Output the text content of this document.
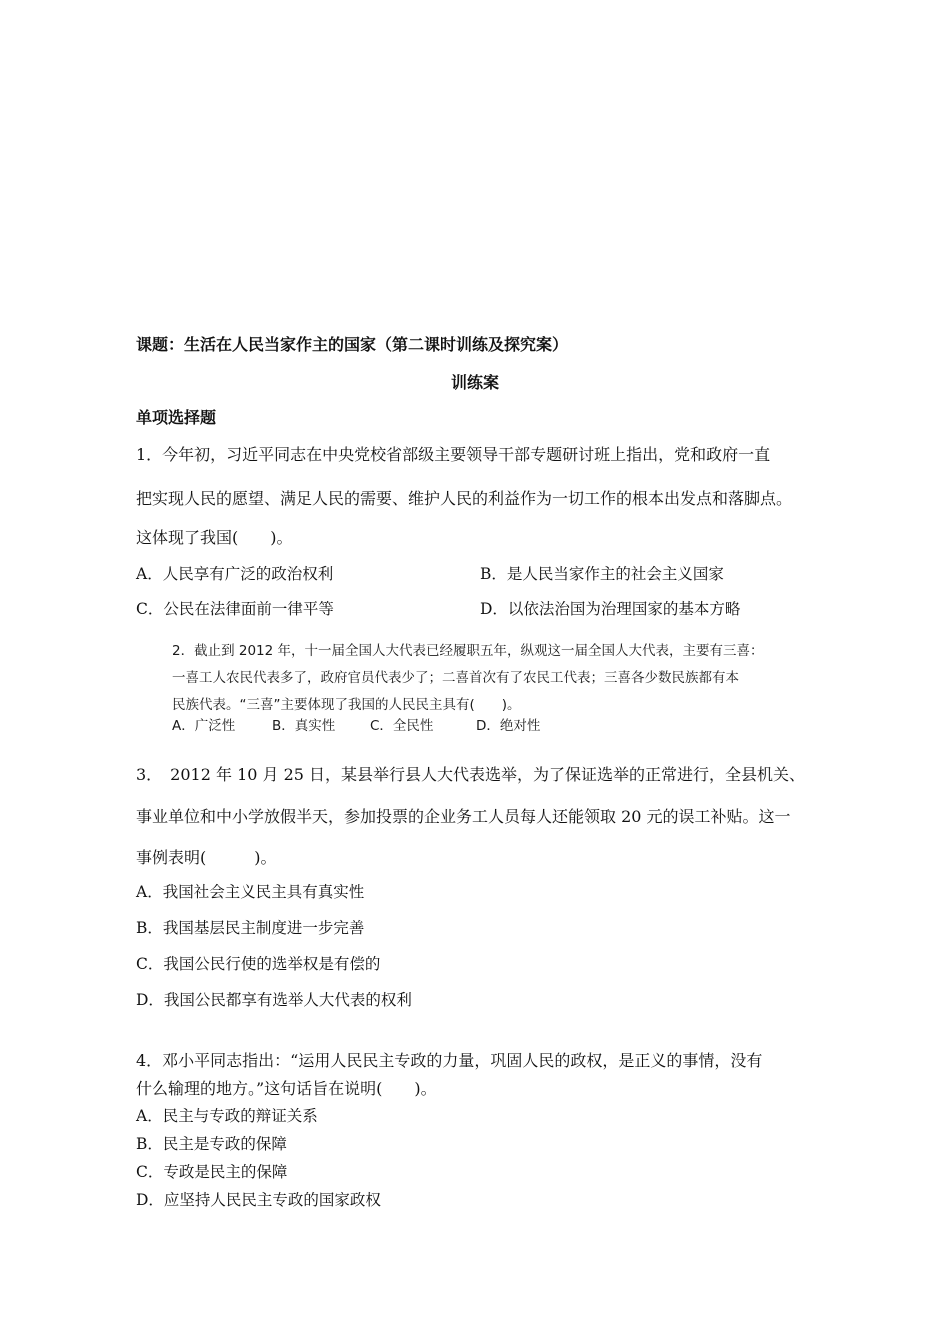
课题：生活在人民当家作主的国家（第二课时训练及探究案）
训练案
单项选择题
1．今年初，习近平同志在中央党校省部级主要领导干部专题研讨班上指出，党和政府一直
把实现人民的愿望、满足人民的需要、维护人民的利益作为一切工作的根本出发点和落脚点。
这体现了我国(　　)。
A．人民享有广泛的政治权利	B．是人民当家作主的社会主义国家
C．公民在法律面前一律平等	D．以依法治国为治理国家的基本方略
2．截止到 2012 年，十一届全国人大代表已经履职五年，纵观这一届全国人大代表，主要有三喜：
一喜工人农民代表多了，政府官员代表少了；二喜首次有了农民工代表；三喜各少数民族都有本
民族代表。“三喜”主要体现了我国的人民民主具有(　　)。
A．广泛性	B．真实性	C．全民性	D．绝对性
3．　2012 年 10 月 25 日，某县举行县人大代表选举，为了保证选举的正常进行，全县机关、
事业单位和中小学放假半天，参加投票的企业务工人员每人还能领取 20 元的误工补贴。这一
事例表明(　　　)。
A．我国社会主义民主具有真实性
B．我国基层民主制度进一步完善
C．我国公民行使的选举权是有偿的
D．我国公民都享有选举人大代表的权利
4．邓小平同志指出：“运用人民民主专政的力量，巩固人民的政权，是正义的事情，没有
什么输理的地方。”这句话旨在说明(　　)。
A．民主与专政的辩证关系
B．民主是专政的保障
C．专政是民主的保障
D．应坚持人民民主专政的国家政权
